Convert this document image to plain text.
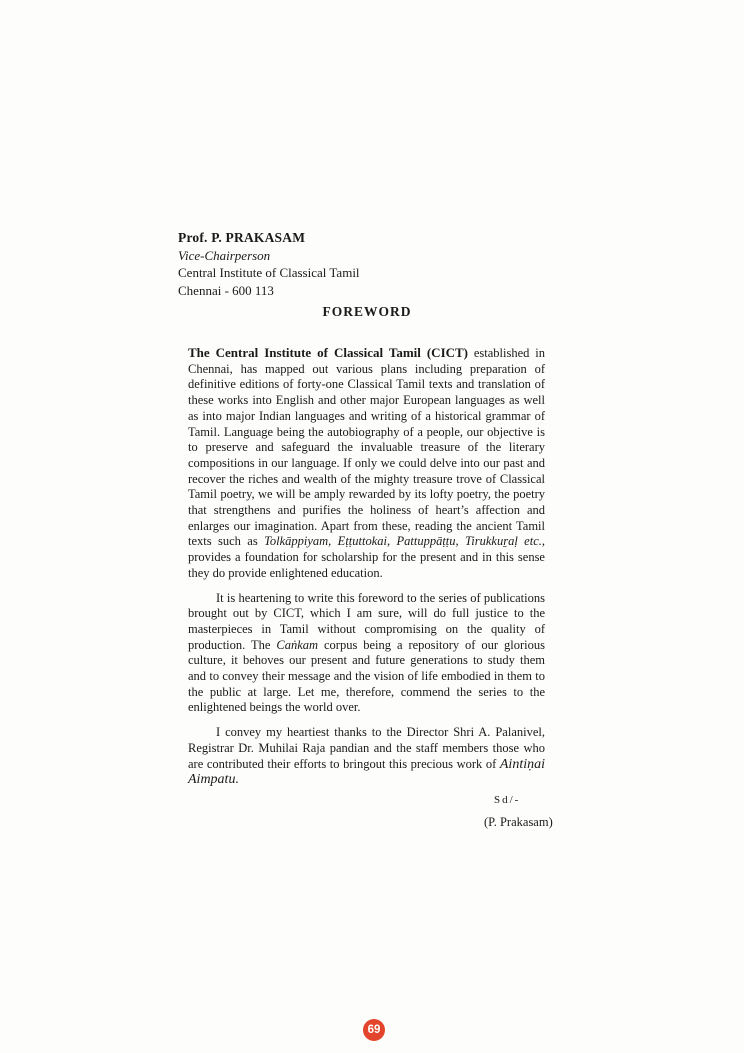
Prof. P. PRAKASAM
Vice-Chairperson
Central Institute of Classical Tamil
Chennai - 600 113
FOREWORD

The Central Institute of Classical Tamil (CICT) established in Chennai, has mapped out various plans including preparation of definitive editions of forty-one Classical Tamil texts and translation of these works into English and other major European languages as well as into major Indian languages and writing of a historical grammar of Tamil. Language being the autobiography of a people, our objective is to preserve and safeguard the invaluable treasure of the literary compositions in our language. If only we could delve into our past and recover the riches and wealth of the mighty treasure trove of Classical Tamil poetry, we will be amply rewarded by its lofty poetry, the poetry that strengthens and purifies the holiness of heart’s affection and enlarges our imagination. Apart from these, reading the ancient Tamil texts such as Tolkāppiyam, Eṭṭuttokai, Pattuppāṭṭu, Tirukkuṟaḷ etc., provides a foundation for scholarship for the present and in this sense they do provide enlightened education.

It is heartening to write this foreword to the series of publications brought out by CICT, which I am sure, will do full justice to the masterpieces in Tamil without compromising on the quality of production. The Caṅkam corpus being a repository of our glorious culture, it behoves our present and future generations to study them and to convey their message and the vision of life embodied in them to the public at large. Let me, therefore, commend the series to the enlightened beings the world over.

I convey my heartiest thanks to the Director Shri A. Palanivel, Registrar Dr. Muhilai Raja pandian and the staff members those who are contributed their efforts to bringout this precious work of Aintiṇai Aimpatu.

Sd/-
(P. Prakasam)
69
